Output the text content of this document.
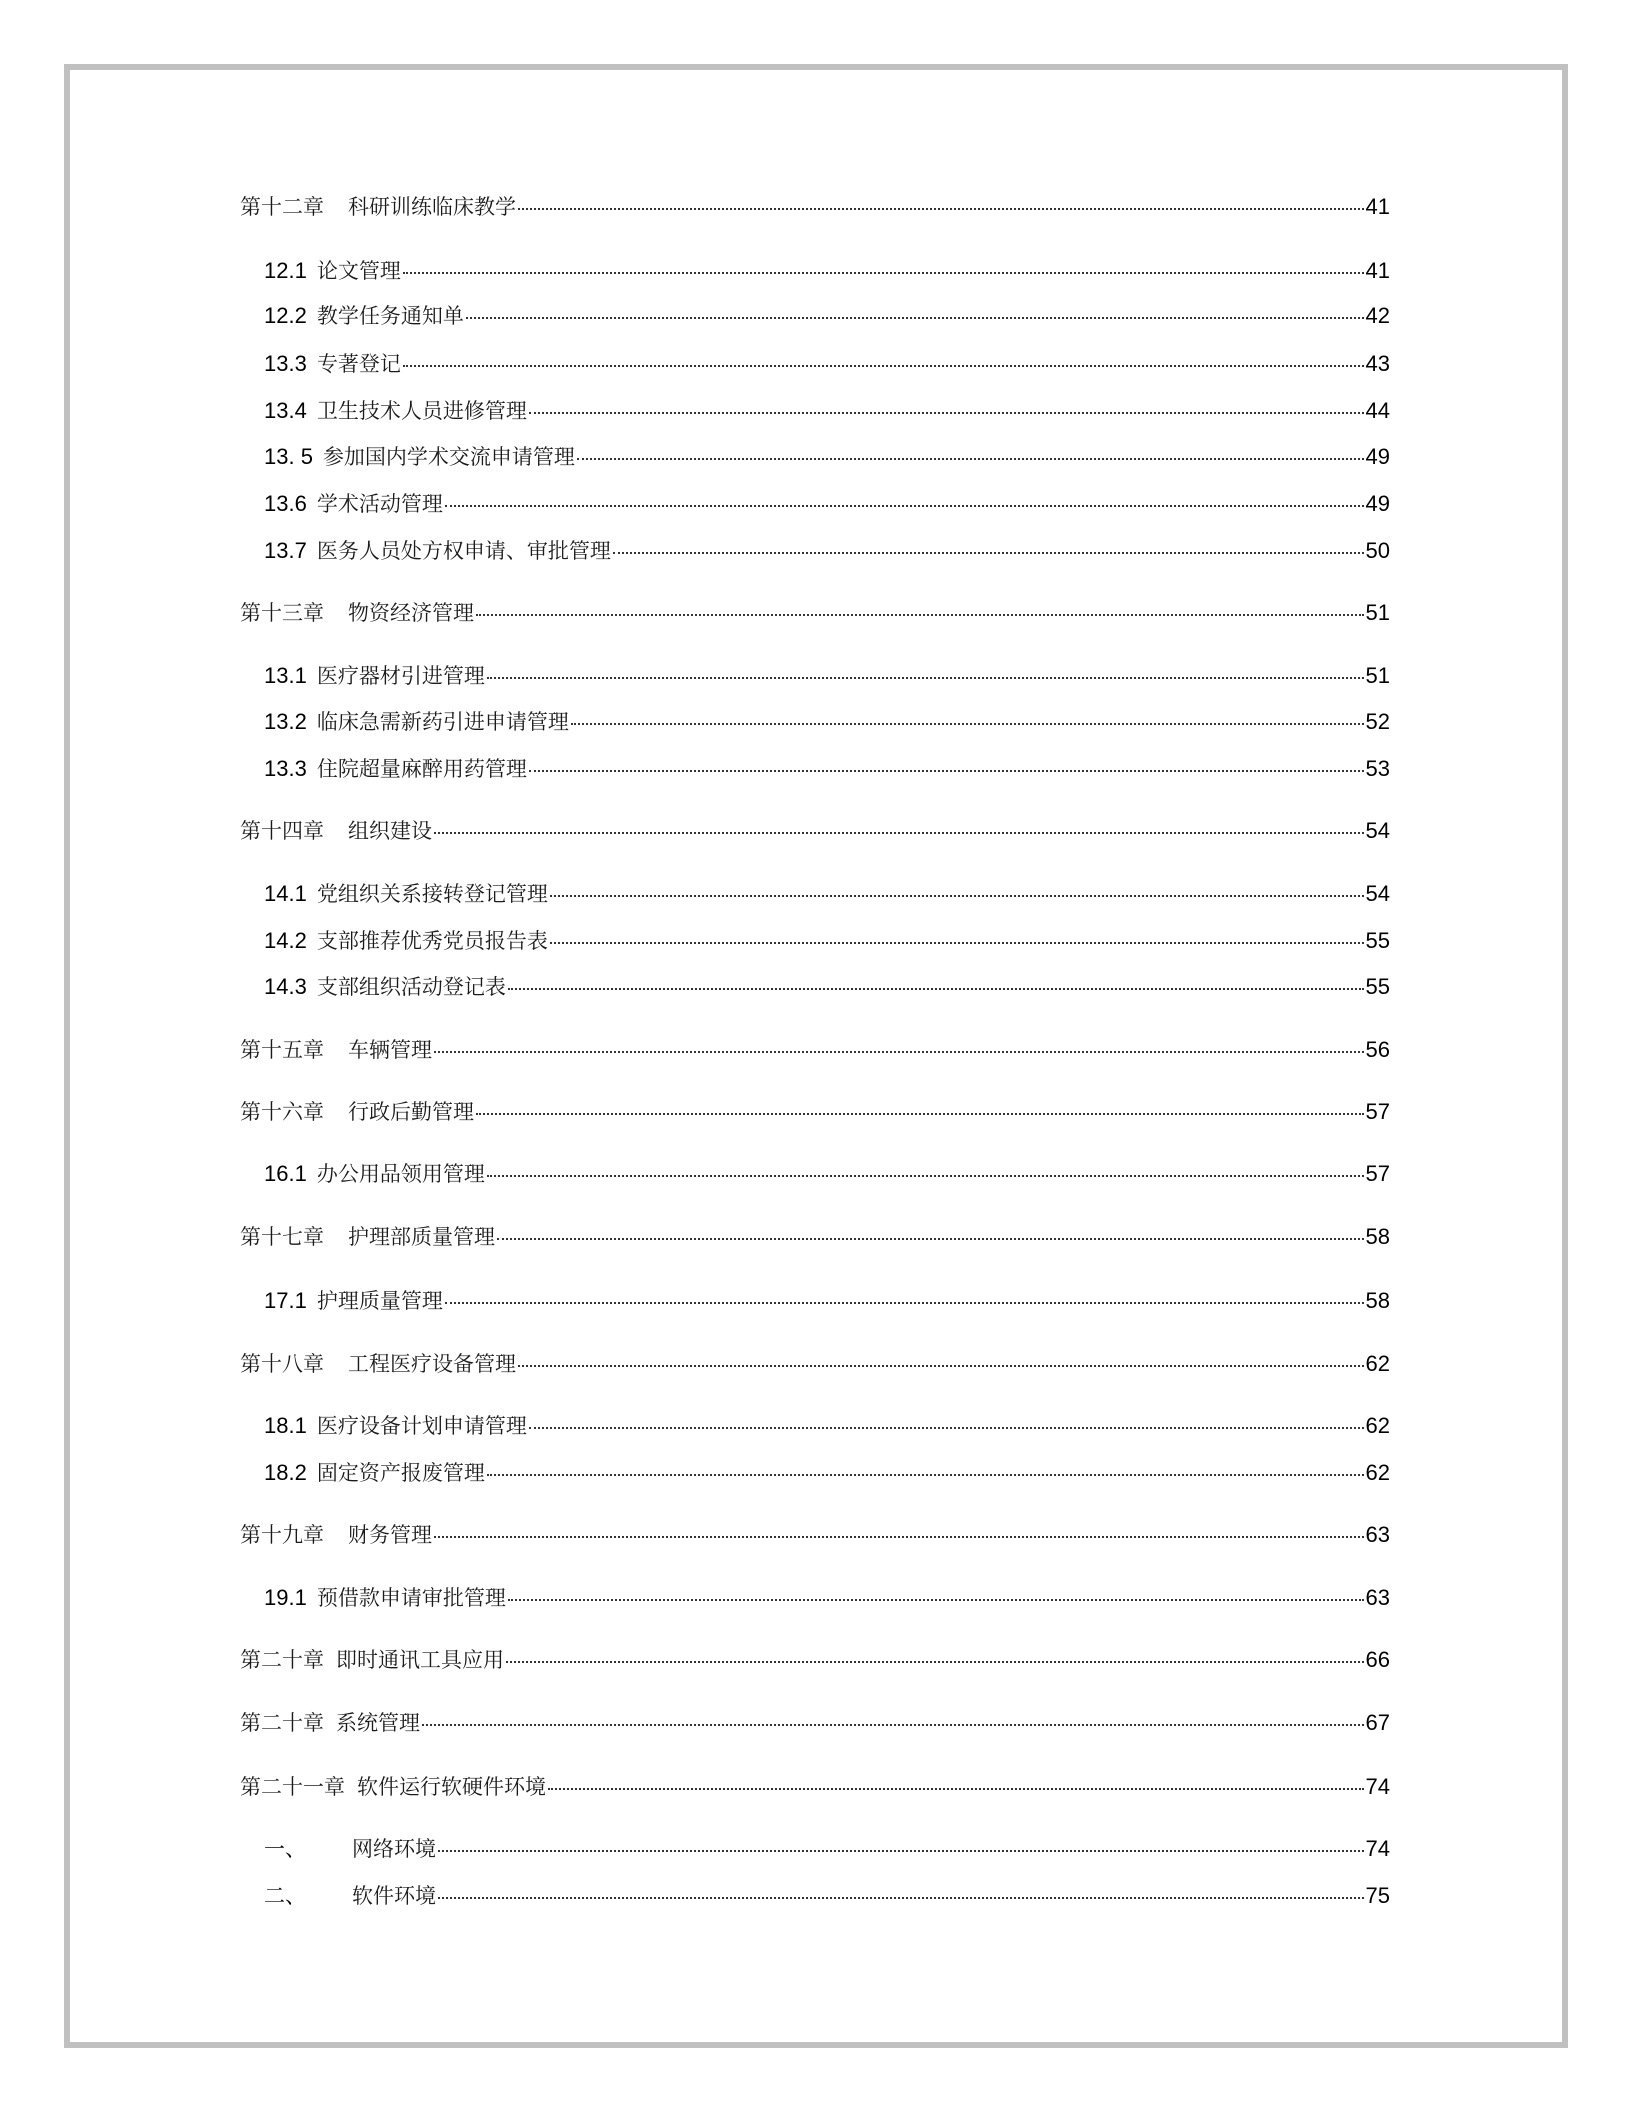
第十二章 科研训练临床教学	41
12.1 论文管理	41
12.2 教学任务通知单	42
13.3 专著登记	43
13.4 卫生技术人员进修管理	44
13. 5 参加国内学术交流申请管理	49
13.6 学术活动管理	49
13.7 医务人员处方权申请、审批管理	50
第十三章 物资经济管理	51
13.1 医疗器材引进管理	51
13.2 临床急需新药引进申请管理	52
13.3 住院超量麻醉用药管理	53
第十四章 组织建设	54
14.1 党组织关系接转登记管理	54
14.2 支部推荐优秀党员报告表	55
14.3 支部组织活动登记表	55
第十五章 车辆管理	56
第十六章 行政后勤管理	57
16.1 办公用品领用管理	57
第十七章 护理部质量管理	58
17.1 护理质量管理	58
第十八章 工程医疗设备管理	62
18.1 医疗设备计划申请管理	62
18.2 固定资产报废管理	62
第十九章 财务管理	63
19.1 预借款申请审批管理	63
第二十章 即时通讯工具应用	66
第二十章 系统管理	67
第二十一章 软件运行软硬件环境	74
一、	网络环境	74
二、	软件环境	75
